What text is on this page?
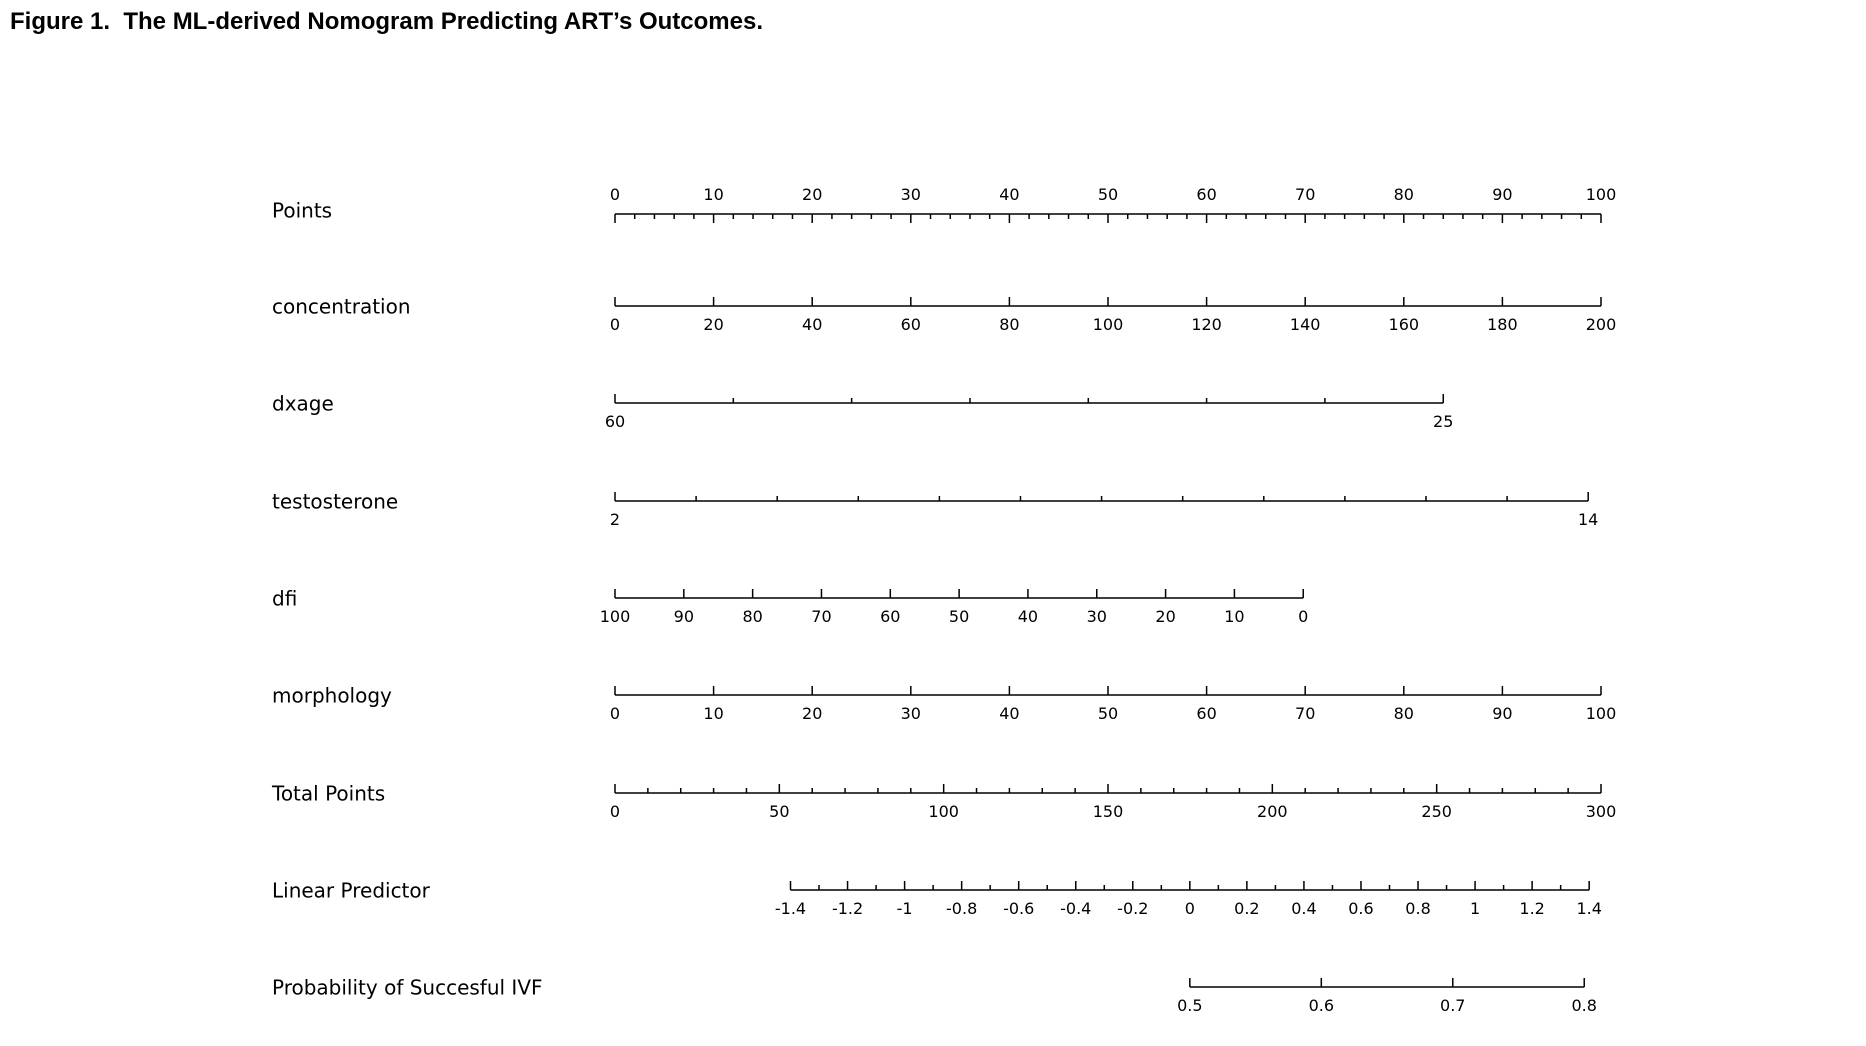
Figure 1.  The ML-derived Nomogram Predicting ART’s Outcomes.
Points
0	10	20	30	40	50	60	70	80	90	100
concentration
0	20	40	60	80	100	120	140	160	180	200
dxage
60	25
testosterone
2	14
dfi
100	90	80	70	60	50	40	30	20	10	0
morphology
0	10	20	30	40	50	60	70	80	90	100
Total Points
0	50	100	150	200	250	300
Linear Predictor
-1.4 -1.2 -1 -0.8 -0.6 -0.4 -0.2 0 0.2 0.4 0.6 0.8 1 1.2 1.4
Probability of Succesful IVF
0.5	0.6	0.7	0.8
